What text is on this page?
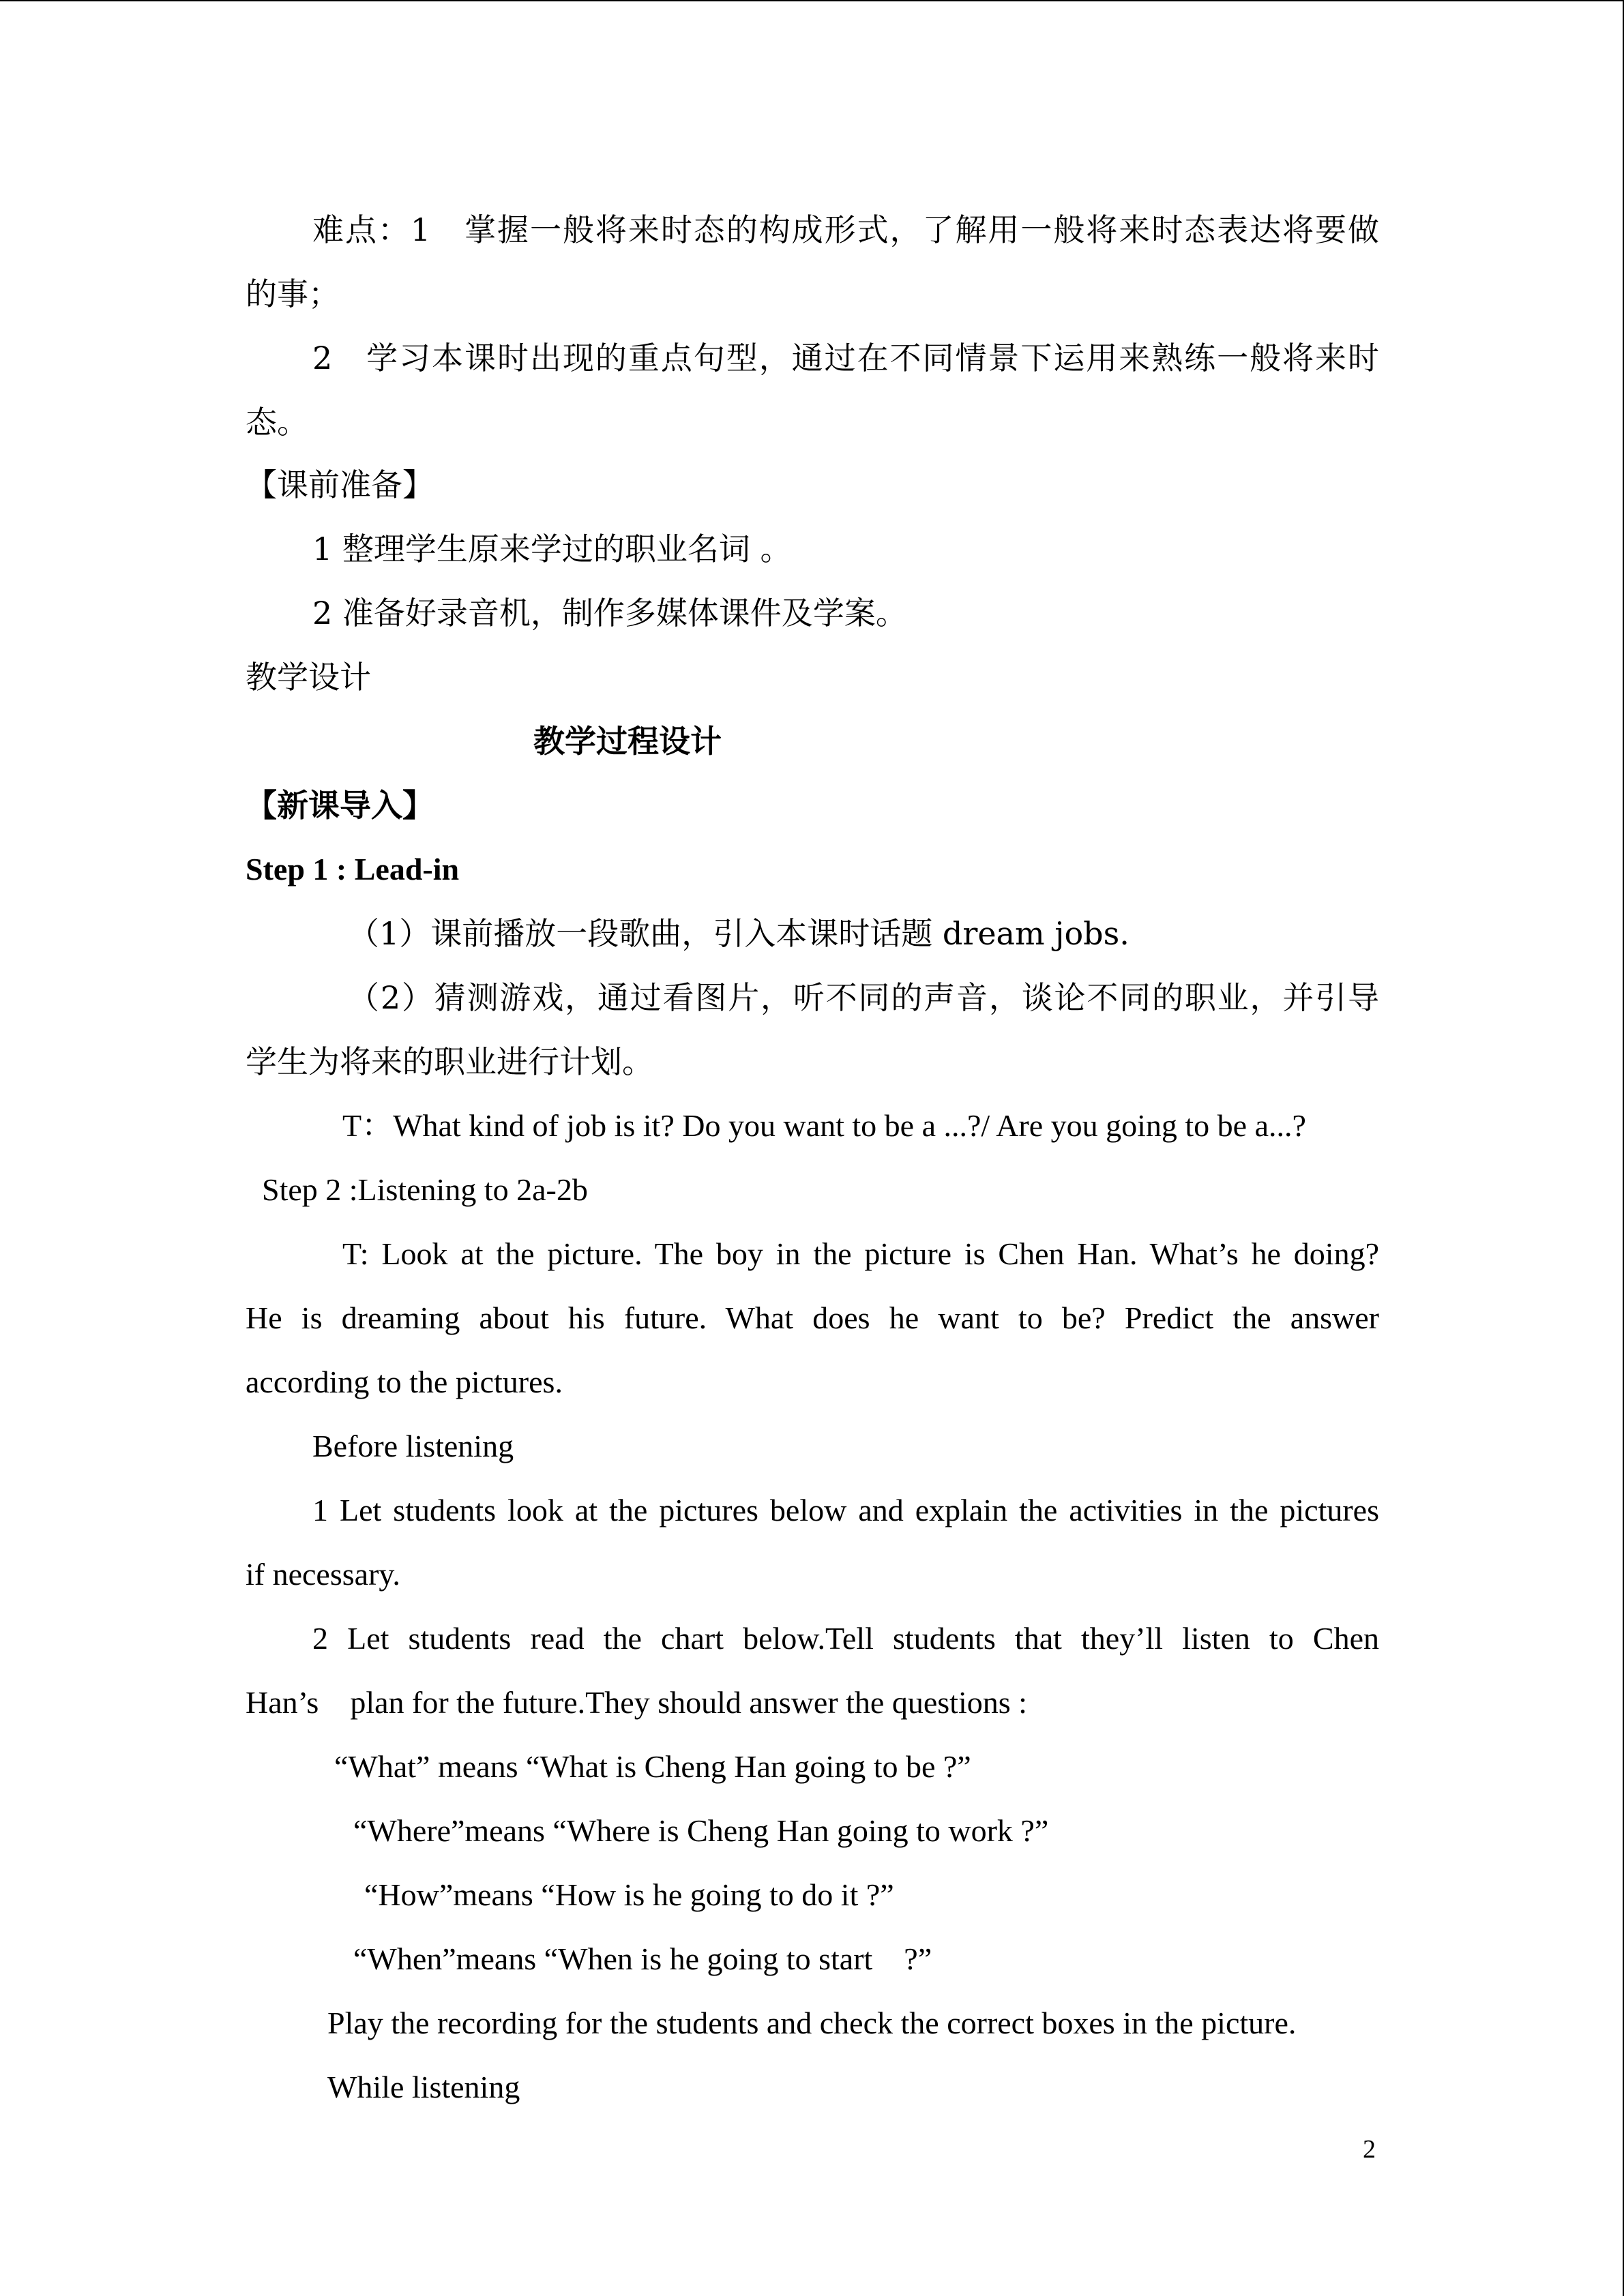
难点：1　掌握一般将来时态的构成形式，了解用一般将来时态表达将要做
的事；
2　学习本课时出现的重点句型，通过在不同情景下运用来熟练一般将来时
态。
【课前准备】
1 整理学生原来学过的职业名词 。
2 准备好录音机，制作多媒体课件及学案。
教学设计
教学过程设计
【新课导入】
Step 1 : Lead-in
（1）课前播放一段歌曲，引入本课时话题 dream jobs.
（2）猜测游戏，通过看图片，听不同的声音，谈论不同的职业，并引导
学生为将来的职业进行计划。
T：What kind of job is it? Do you want to be a ...?/ Are you going to be a...?
Step 2 :Listening to 2a-2b
T: Look at the picture. The boy in the picture is Chen Han. What’s he doing?
He is dreaming about his future. What does he want to be? Predict the answer
according to the pictures.
Before listening
1 Let students look at the pictures below and explain the activities in the pictures
if necessary.
2 Let students read the chart below.Tell students that they’ll listen to Chen
Han’s　plan for the future.They should answer the questions :
“What” means “What is Cheng Han going to be ?”
“Where”means “Where is Cheng Han going to work ?”
“How”means “How is he going to do it ?”
“When”means “When is he going to start　?”
Play the recording for the students and check the correct boxes in the picture.
While listening
2
